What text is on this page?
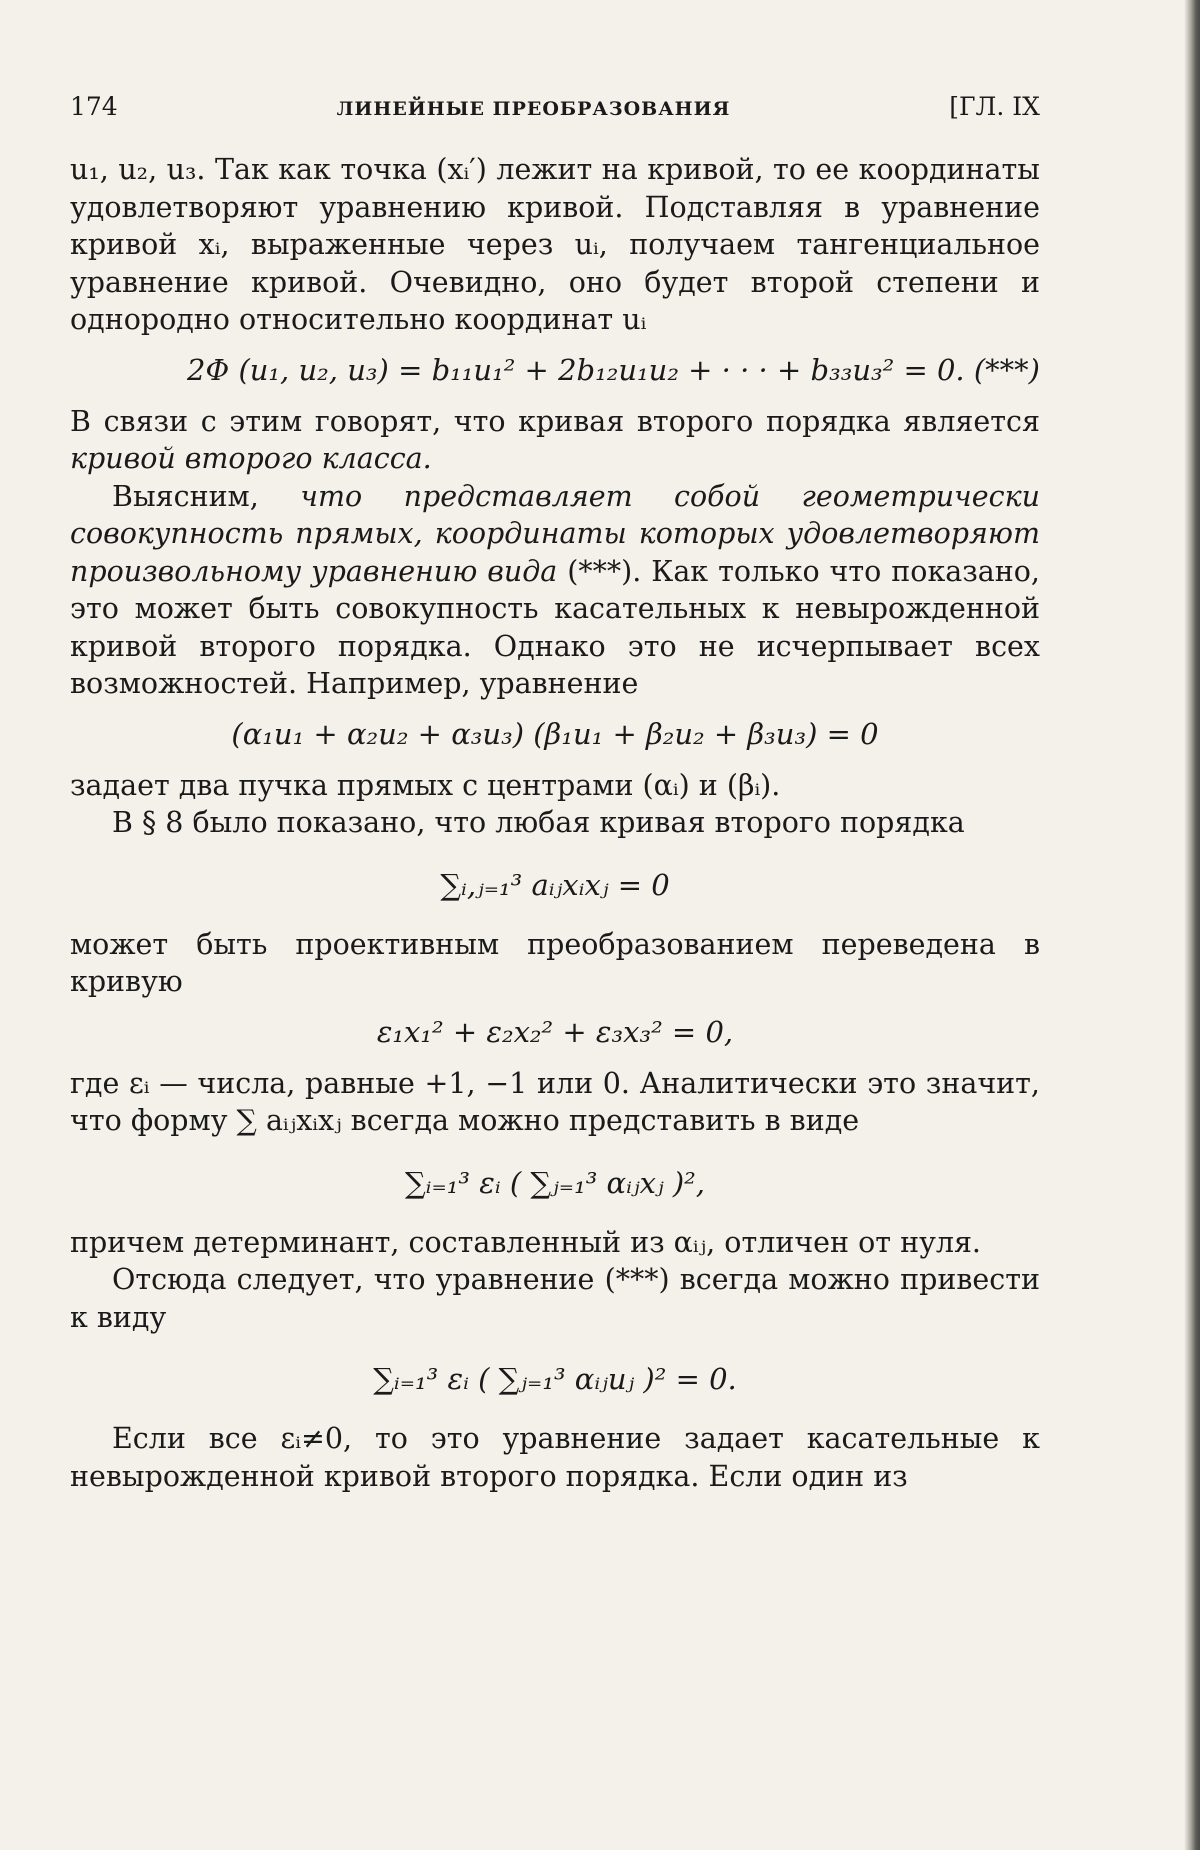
174	ЛИНЕЙНЫЕ ПРЕОБРАЗОВАНИЯ	[ГЛ. IX

u₁, u₂, u₃. Так как точка (xᵢ′) лежит на кривой, то ее координаты удовлетворяют уравнению кривой. Подставляя в уравнение кривой xᵢ, выраженные через uᵢ, получаем тангенциальное уравнение кривой. Очевидно, оно будет второй степени и однородно относительно координат uᵢ

2Φ (u₁, u₂, u₃) = b₁₁u₁² + 2b₁₂u₁u₂ + · · · + b₃₃u₃² = 0. (***)

В связи с этим говорят, что кривая второго порядка является кривой второго класса.

Выясним, что представляет собой геометрически совокупность прямых, координаты которых удовлетворяют произвольному уравнению вида (***). Как только что показано, это может быть совокупность касательных к невырожденной кривой второго порядка. Однако это не исчерпывает всех возможностей. Например, уравнение

(α₁u₁ + α₂u₂ + α₃u₃) (β₁u₁ + β₂u₂ + β₃u₃) = 0

задает два пучка прямых с центрами (αᵢ) и (βᵢ).

В § 8 было показано, что любая кривая второго порядка

∑ᵢ,ⱼ₌₁³ aᵢⱼxᵢxⱼ = 0

может быть проективным преобразованием переведена в кривую

ε₁x₁² + ε₂x₂² + ε₃x₃² = 0,

где εᵢ — числа, равные +1, −1 или 0. Аналитически это значит, что форму ∑ aᵢⱼxᵢxⱼ всегда можно представить в виде

∑ᵢ₌₁³ εᵢ ( ∑ⱼ₌₁³ αᵢⱼxⱼ )²,

причем детерминант, составленный из αᵢⱼ, отличен от нуля.

Отсюда следует, что уравнение (***) всегда можно привести к виду

∑ᵢ₌₁³ εᵢ ( ∑ⱼ₌₁³ αᵢⱼuⱼ )² = 0.

Если все εᵢ≠0, то это уравнение задает касательные к невырожденной кривой второго порядка. Если один из
